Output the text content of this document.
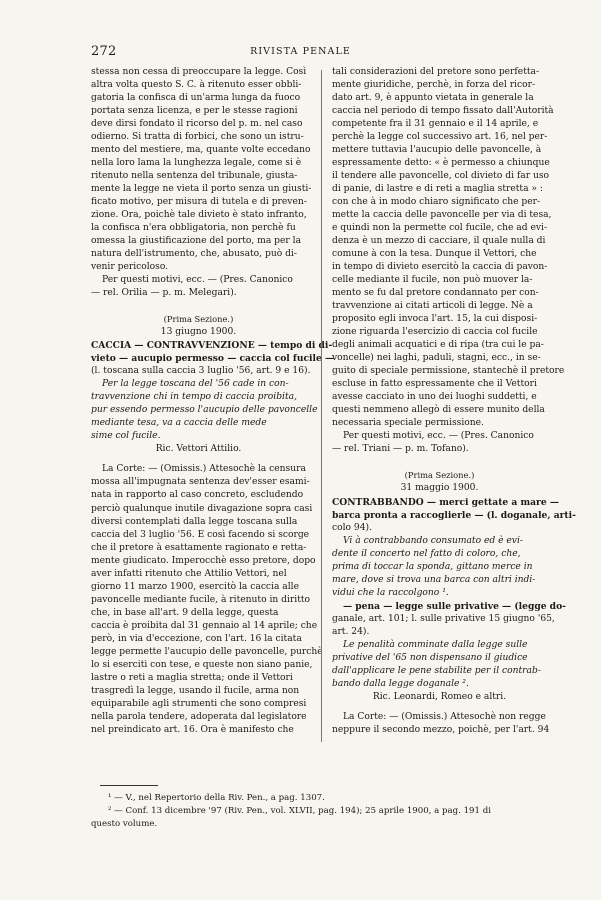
272	RIVISTA PENALE
stessa non cessa di preoccupare la legge. Così
altra volta questo S. C. à ritenuto esser obbli-
gatoria la confisca di un'arma lunga da fuoco
portata senza licenza, e per le stesse ragioni
deve dirsi fondato il ricorso del p. m. nel caso
odierno. Si tratta di forbici, che sono un istru-
mento del mestiere, ma, quante volte eccedano
nella loro lama la lunghezza legale, come si è
ritenuto nella sentenza del tribunale, giusta-
mente la legge ne vieta il porto senza un giusti-
ficato motivo, per misura di tutela e di preven-
zione. Ora, poichè tale divieto è stato infranto,
la confisca n'era obbligatoria, non perchè fu
omessa la giustificazione del porto, ma per la
natura dell'istrumento, che, abusato, può di-
venir pericoloso.
Per questi motivi, ecc. — (Pres. Canonico
— rel. Orilia — p. m. Melegari).
(Prima Sezione.)
13 giugno 1900.
CACCIA — CONTRAVVENZIONE — tempo di di-
vieto — aucupio permesso — caccia col fucile —
(l. toscana sulla caccia 3 luglio '56, art. 9 e 16).
Per la legge toscana del '56 cade in con-
travvenzione chi in tempo di caccia proibita,
pur essendo permesso l'aucupio delle pavoncelle
mediante tesa, va a caccia delle mede
sime col fucile.
Ric. Vettori Attilio.
La Corte: — (Omissis.) Attesochè la censura
mossa all'impugnata sentenza dev'esser esami-
nata in rapporto al caso concreto, escludendo
perciò qualunque inutile divagazione sopra casi
diversi contemplati dalla legge toscana sulla
caccia del 3 luglio '56. E così facendo si scorge
che il pretore à esattamente ragionato e retta-
mente giudicato. Imperocchè esso pretore, dopo
aver infatti ritenuto che Attilio Vettori, nel
giorno 11 marzo 1900, esercitò la caccia alle
pavoncelle mediante fucile, à ritenuto in diritto
che, in base all'art. 9 della legge, questa
caccia è proibita dal 31 gennaio al 14 aprile; che
però, in via d'eccezione, con l'art. 16 la citata
legge permette l'aucupio delle pavoncelle, purchè
lo si eserciti con tese, e queste non siano panie,
lastre o reti a maglia stretta; onde il Vettori
trasgredì la legge, usando il fucile, arma non
equiparabile agli strumenti che sono compresi
nella parola tendere, adoperata dal legislatore
nel preindicato art. 16. Ora è manifesto che
tali considerazioni del pretore sono perfetta-
mente giuridiche, perchè, in forza del ricor-
dato art. 9, è appunto vietata in generale la
caccia nel periodo di tempo fissato dall'Autorità
competente fra il 31 gennaio e il 14 aprile, e
perchè la legge col successivo art. 16, nel per-
mettere tuttavia l'aucupio delle pavoncelle, à
espressamente detto: « è permesso a chiunque
il tendere alle pavoncelle, col divieto di far uso
di panie, di lastre e di reti a maglia stretta » :
con che à in modo chiaro significato che per-
mette la caccia delle pavoncelle per via di tesa,
e quindi non la permette col fucile, che ad evi-
denza è un mezzo di cacciare, il quale nulla di
comune à con la tesa. Dunque il Vettori, che
in tempo di divieto esercitò la caccia di pavon-
celle mediante il fucile, non può muover la-
mento se fu dal pretore condannato per con-
travvenzione ai citati articoli di legge. Nè a
proposito egli invoca l'art. 15, la cui disposi-
zione riguarda l'esercizio di caccia col fucile
degli animali acquatici e di ripa (tra cui le pa-
voncelle) nei laghi, paduli, stagni, ecc., in se-
guito di speciale permissione, stantechè il pretore
escluse in fatto espressamente che il Vettori
avesse cacciato in uno dei luoghi suddetti, e
questi nemmeno allegò di essere munito della
necessaria speciale permissione.
Per questi motivi, ecc. — (Pres. Canonico
— rel. Triani — p. m. Tofano).
(Prima Sezione.)
31 maggio 1900.
CONTRABBANDO — merci gettate a mare —
barca pronta a raccoglierle — (l. doganale, arti-
colo 94).
Vi à contrabbando consumato ed è evi-
dente il concerto nel fatto di coloro, che,
prima di toccar la sponda, gittano merce in
mare, dove si trova una barca con altri indi-
vidui che la raccolgono ¹.
— pena — legge sulle privative — (legge do-
ganale, art. 101; l. sulle privative 15 giugno '65,
art. 24).
Le penalità comminate dalla legge sulle
privative del '65 non dispensano il giudice
dall'applicare le pene stabilite per il contrab-
bando dalla legge doganale ².
Ric. Leonardi, Romeo e altri.
La Corte: — (Omissis.) Attesochè non regge
neppure il secondo mezzo, poichè, per l'art. 94
¹ — V., nel Repertorio della Riv. Pen., a pag. 1307.
² — Conf. 13 dicembre '97 (Riv. Pen., vol. XLVII, pag. 194); 25 aprile 1900, a pag. 191 di
questo volume.
